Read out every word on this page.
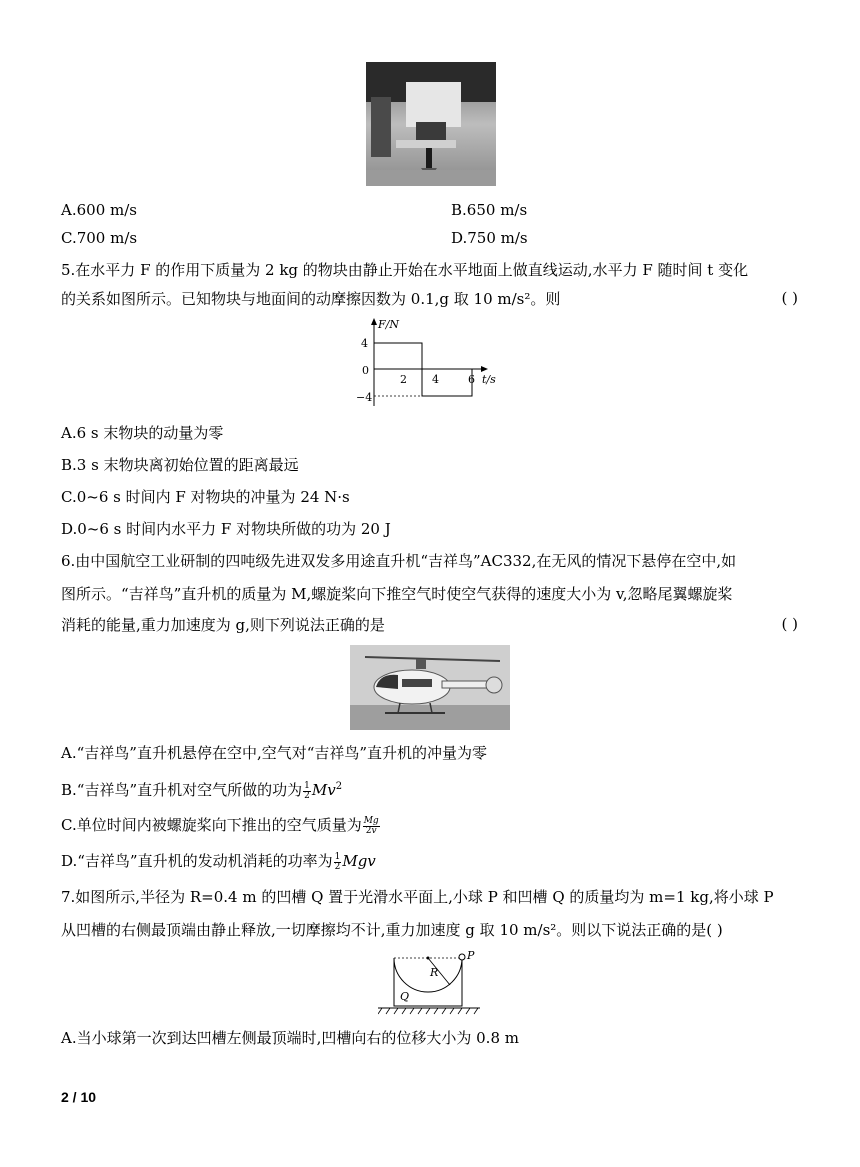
A.600 m/s	B.650 m/s
C.700 m/s	D.750 m/s
5.在水平力 F 的作用下质量为 2 kg 的物块由静止开始在水平地面上做直线运动,水平力 F 随时间 t 变化
的关系如图所示。已知物块与地面间的动摩擦因数为 0.1,g 取 10 m/s²。则	( )
F/N
t/s
4
0
−4
2 4	6
A.6 s 末物块的动量为零
B.3 s 末物块离初始位置的距离最远
C.0~6 s 时间内 F 对物块的冲量为 24 N·s
D.0~6 s 时间内水平力 F 对物块所做的功为 20 J
6.由中国航空工业研制的四吨级先进双发多用途直升机“吉祥鸟”AC332,在无风的情况下悬停在空中,如
图所示。“吉祥鸟”直升机的质量为 M,螺旋桨向下推空气时使空气获得的速度大小为 v,忽略尾翼螺旋桨
消耗的能量,重力加速度为 g,则下列说法正确的是	( )
A.“吉祥鸟”直升机悬停在空中,空气对“吉祥鸟”直升机的冲量为零
B.“吉祥鸟”直升机对空气所做的功为 $\frac{1}{2} Mv^2$
C.单位时间内被螺旋桨向下推出的空气质量为 $\frac{Mg}{2v}$
D.“吉祥鸟”直升机的发动机消耗的功率为 $\frac{1}{2}$ Mgv
7.如图所示,半径为 R=0.4 m 的凹槽 Q 置于光滑水平面上,小球 P 和凹槽 Q 的质量均为 m=1 kg,将小球 P
从凹槽的右侧最顶端由静止释放,一切摩擦均不计,重力加速度 g 取 10 m/s²。则以下说法正确的是( )
P
R
Q
A.当小球第一次到达凹槽左侧最顶端时,凹槽向右的位移大小为 0.8 m
2 / 10
